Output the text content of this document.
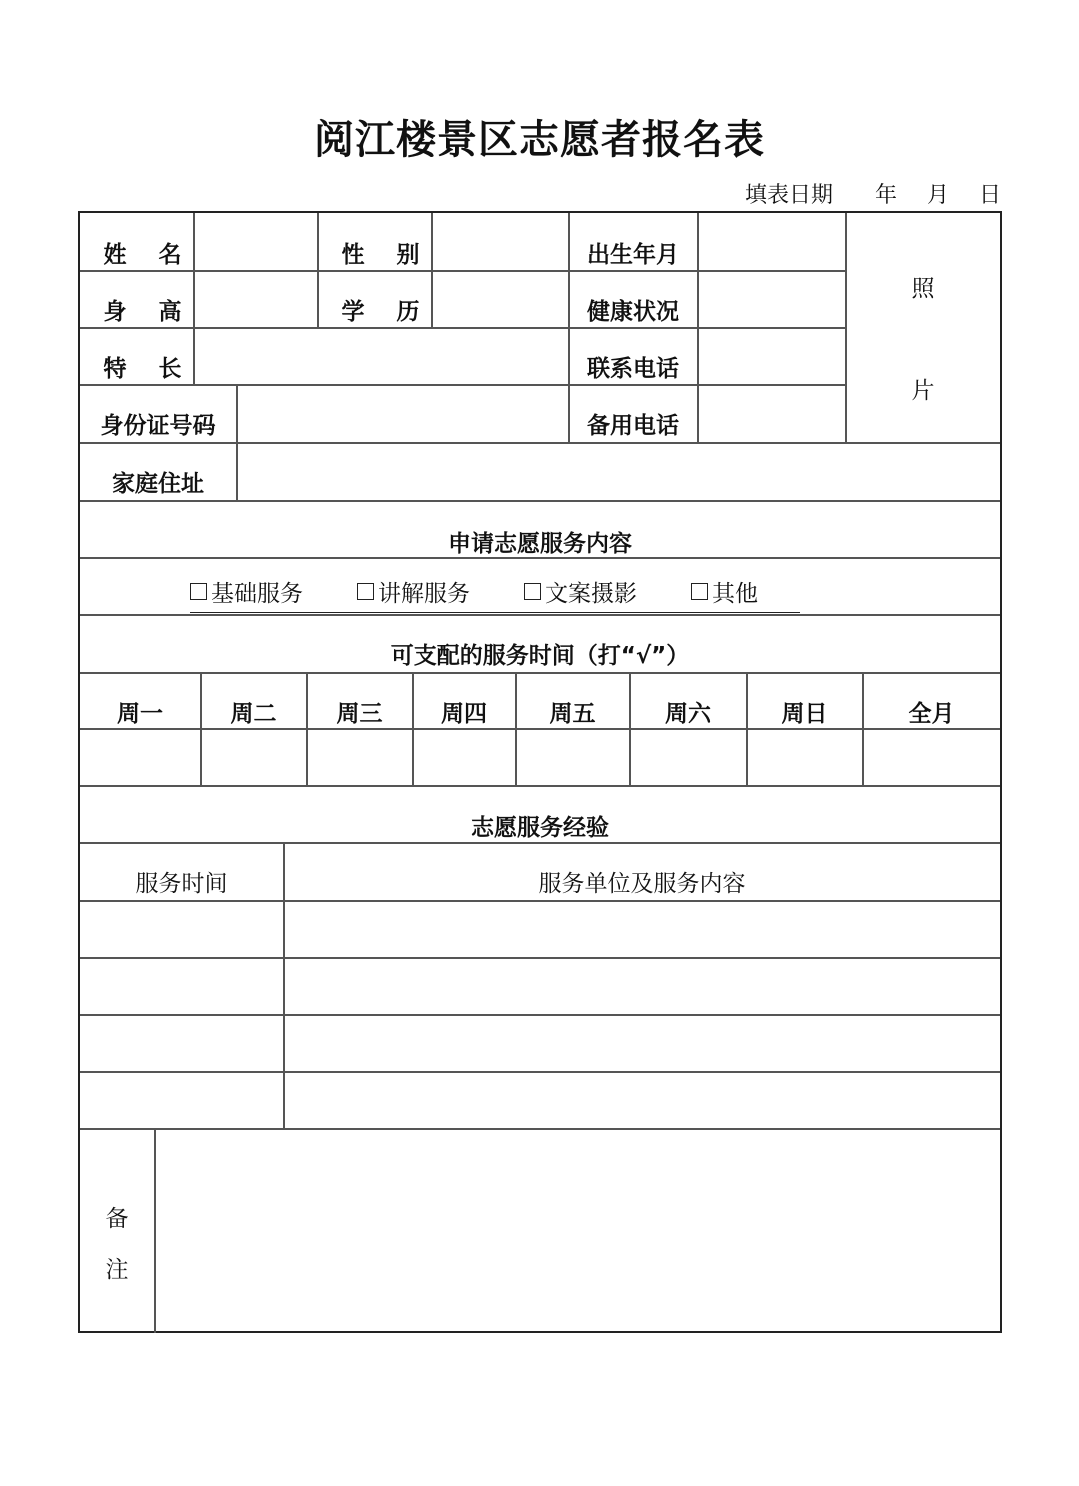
阅江楼景区志愿者报名表
填表日期 年 月 日
姓 名	性 别	出生年月
身 高	学 历	健康状况
特 长	联系电话
身份证号码	备用电话
家庭住址
照
片
申请志愿服务内容
基础服务	讲解服务	文案摄影	其他
可支配的服务时间（打“√”）
周一	周二	周三	周四	周五	周六	周日	全月
志愿服务经验
服务时间	服务单位及服务内容
备
注
